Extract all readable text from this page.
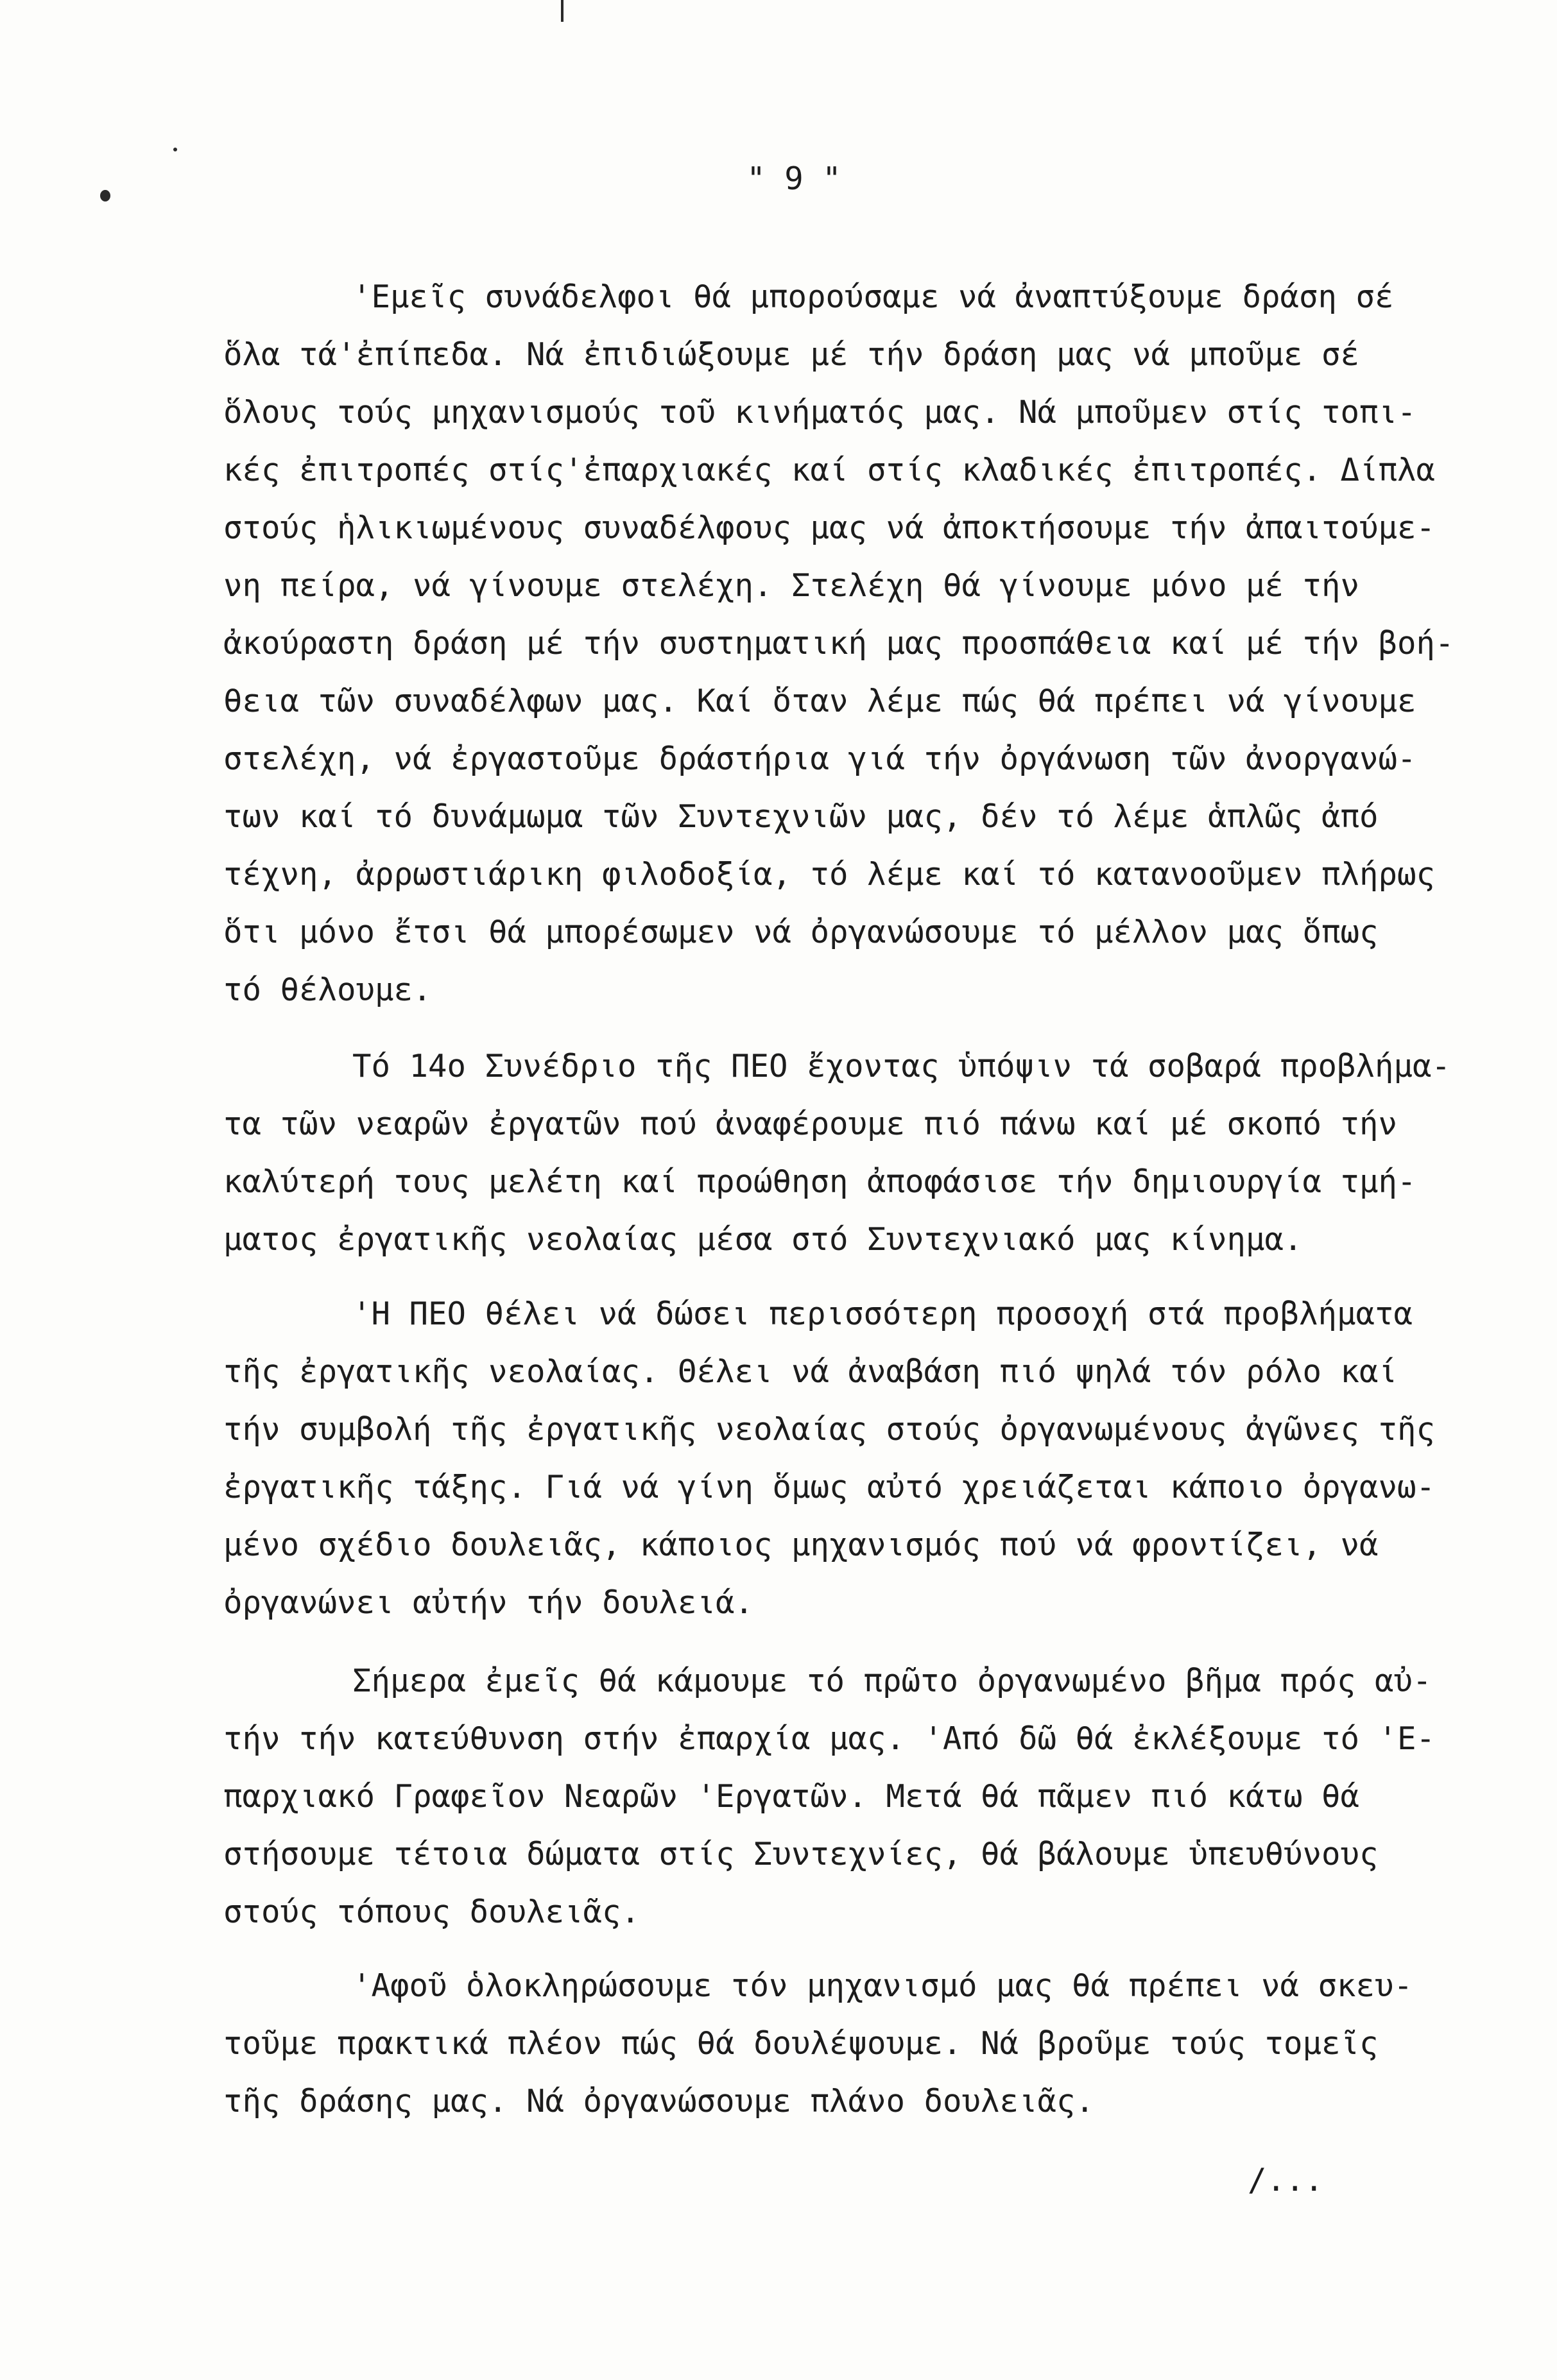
" 9 "
'Εμεῖς συνάδελφοι θά μπορούσαμε νά ἀναπτύξουμε δράση σέ
ὅλα τά'ἐπίπεδα. Νά ἐπιδιώξουμε μέ τήν δράση μας νά μποῦμε σέ
ὅλους τούς μηχανισμούς τοῦ κινήματός μας. Νά μποῦμεν στίς τοπι-
κές ἐπιτροπές στίς'ἐπαρχιακές καί στίς κλαδικές ἐπιτροπές. Δίπλα
στούς ἡλικιωμένους συναδέλφους μας νά ἀποκτήσουμε τήν ἀπαιτούμε-
νη πείρα, νά γίνουμε στελέχη. Στελέχη θά γίνουμε μόνο μέ τήν
ἀκούραστη δράση μέ τήν συστηματική μας προσπάθεια καί μέ τήν βοή-
θεια τῶν συναδέλφων μας. Καί ὅταν λέμε πώς θά πρέπει νά γίνουμε
στελέχη, νά ἐργαστοῦμε δράστήρια γιά τήν ὀργάνωση τῶν ἀνοργανώ-
των καί τό δυνάμωμα τῶν Συντεχνιῶν μας, δέν τό λέμε ἁπλῶς ἀπό
τέχνη, ἀρρωστιάρικη φιλοδοξία, τό λέμε καί τό κατανοοῦμεν πλήρως
ὅτι μόνο ἔτσι θά μπορέσωμεν νά ὀργανώσουμε τό μέλλον μας ὅπως
τό θέλουμε.
Τό 14ο Συνέδριο τῆς ΠΕΟ ἔχοντας ὑπόψιν τά σοβαρά προβλήμα-
τα τῶν νεαρῶν ἐργατῶν πού ἀναφέρουμε πιό πάνω καί μέ σκοπό τήν
καλύτερή τους μελέτη καί προώθηση ἀποφάσισε τήν δημιουργία τμή-
ματος ἐργατικῆς νεολαίας μέσα στό Συντεχνιακό μας κίνημα.
'Η ΠΕΟ θέλει νά δώσει περισσότερη προσοχή στά προβλήματα
τῆς ἐργατικῆς νεολαίας. Θέλει νά ἀναβάση πιό ψηλά τόν ρόλο καί
τήν συμβολή τῆς ἐργατικῆς νεολαίας στούς ὀργανωμένους ἀγῶνες τῆς
ἐργατικῆς τάξης. Γιά νά γίνη ὅμως αὐτό χρειάζεται κάποιο ὀργανω-
μένο σχέδιο δουλειᾶς, κάποιος μηχανισμός πού νά φροντίζει, νά
ὀργανώνει αὐτήν τήν δουλειά.
Σήμερα ἐμεῖς θά κάμουμε τό πρῶτο ὀργανωμένο βῆμα πρός αὐ-
τήν τήν κατεύθυνση στήν ἐπαρχία μας. 'Από δῶ θά ἐκλέξουμε τό 'Ε-
παρχιακό Γραφεῖον Νεαρῶν 'Εργατῶν. Μετά θά πᾶμεν πιό κάτω θά
στήσουμε τέτοια δώματα στίς Συντεχνίες, θά βάλουμε ὑπευθύνους
στούς τόπους δουλειᾶς.
'Αφοῦ ὁλοκληρώσουμε τόν μηχανισμό μας θά πρέπει νά σκευ-
τοῦμε πρακτικά πλέον πώς θά δουλέψουμε. Νά βροῦμε τούς τομεῖς
τῆς δράσης μας. Νά ὀργανώσουμε πλάνο δουλειᾶς.
/...
